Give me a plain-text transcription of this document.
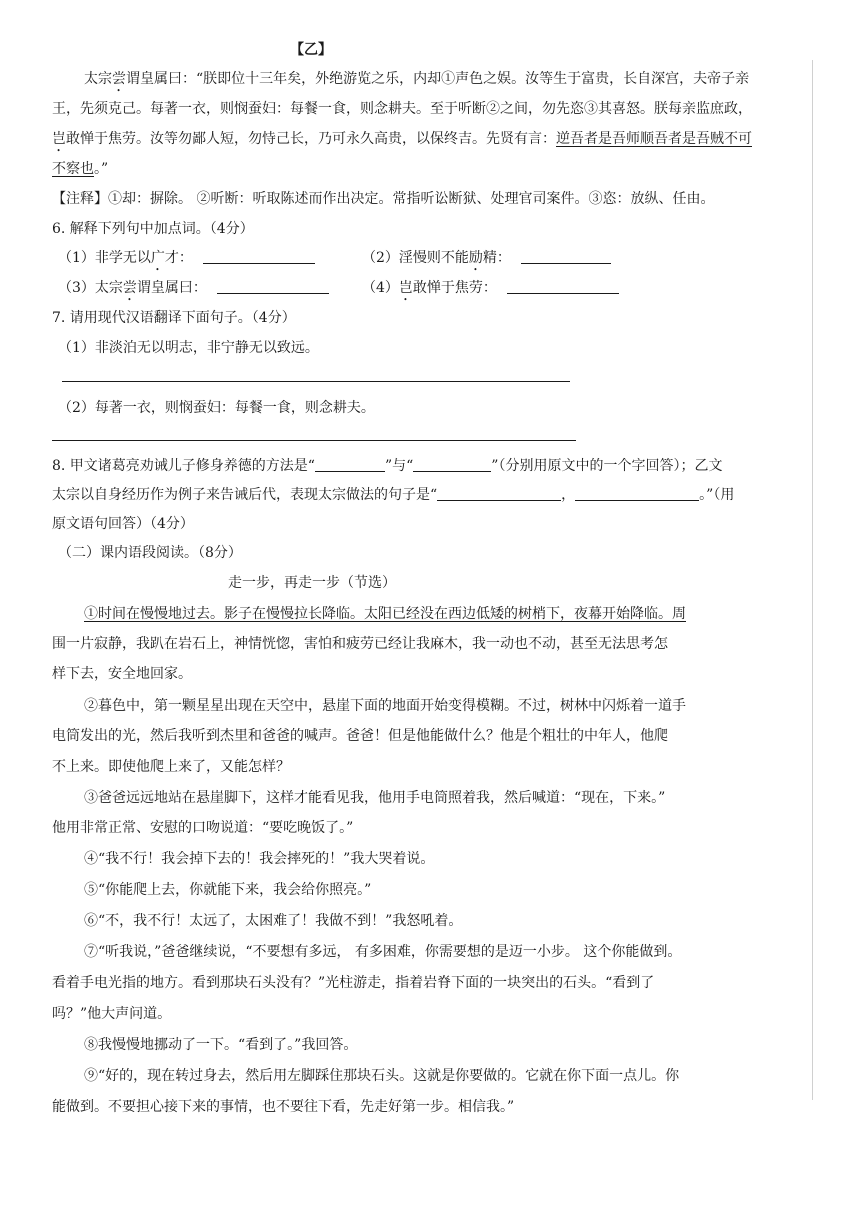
【乙】
太宗尝谓皇属曰：“朕即位十三年矣，外绝游览之乐，内却①声色之娱。汝等生于富贵，长自深宫，夫帝子亲
王，先须克己。每著一衣，则悯蚕妇：每餐一食，则念耕夫。至于听断②之间，勿先恣③其喜怒。朕每亲监庶政，
岂敢惮于焦劳。汝等勿鄙人短，勿恃己长，乃可永久高贵，以保终吉。先贤有言：逆吾者是吾师顺吾者是吾贼不可
不察也。”
【注释】①却：摒除。 ②听断：听取陈述而作出决定。常指听讼断狱、处理官司案件。③恣：放纵、任由。
6. 解释下列句中加点词。（4分）
（1）非学无以广才：	（2）淫慢则不能励精：
（3）太宗尝谓皇属曰：	（4）岂敢惮于焦劳：
7. 请用现代汉语翻译下面句子。（4分）
（1）非淡泊无以明志，非宁静无以致远。
（2）每著一衣，则悯蚕妇：每餐一食，则念耕夫。
8. 甲文诸葛亮劝诫儿子修身养德的方法是“	”与“	”（分别用原文中的一个字回答）；乙文
太宗以自身经历作为例子来告诫后代，表现太宗做法的句子是“	，	。”（用
原文语句回答）（4分）
（二）课内语段阅读。（8分）
走一步，再走一步（节选）
①时间在慢慢地过去。影子在慢慢拉长降临。太阳已经没在西边低矮的树梢下，夜幕开始降临。周
围一片寂静，我趴在岩石上，神情恍惚，害怕和疲劳已经让我麻木，我一动也不动，甚至无法思考怎
样下去，安全地回家。
②暮色中，第一颗星星出现在天空中，悬崖下面的地面开始变得模糊。不过，树林中闪烁着一道手
电筒发出的光，然后我听到杰里和爸爸的喊声。爸爸！但是他能做什么？他是个粗壮的中年人，他爬
不上来。即使他爬上来了，又能怎样？
③爸爸远远地站在悬崖脚下，这样才能看见我，他用手电筒照着我，然后喊道：“现在，下来。”
他用非常正常、安慰的口吻说道：“要吃晚饭了。”
④“我不行！我会掉下去的！我会摔死的！”我大哭着说。
⑤“你能爬上去，你就能下来，我会给你照亮。”
⑥“不，我不行！太远了，太困难了！我做不到！”我怒吼着。
⑦“听我说，”爸爸继续说，“不要想有多远， 有多困难，你需要想的是迈一小步。 这个你能做到。
看着手电光指的地方。看到那块石头没有？”光柱游走，指着岩脊下面的一块突出的石头。“看到了
吗？”他大声问道。
⑧我慢慢地挪动了一下。“看到了。”我回答。
⑨“好的，现在转过身去，然后用左脚踩住那块石头。这就是你要做的。它就在你下面一点儿。你
能做到。不要担心接下来的事情，也不要往下看，先走好第一步。相信我。”
